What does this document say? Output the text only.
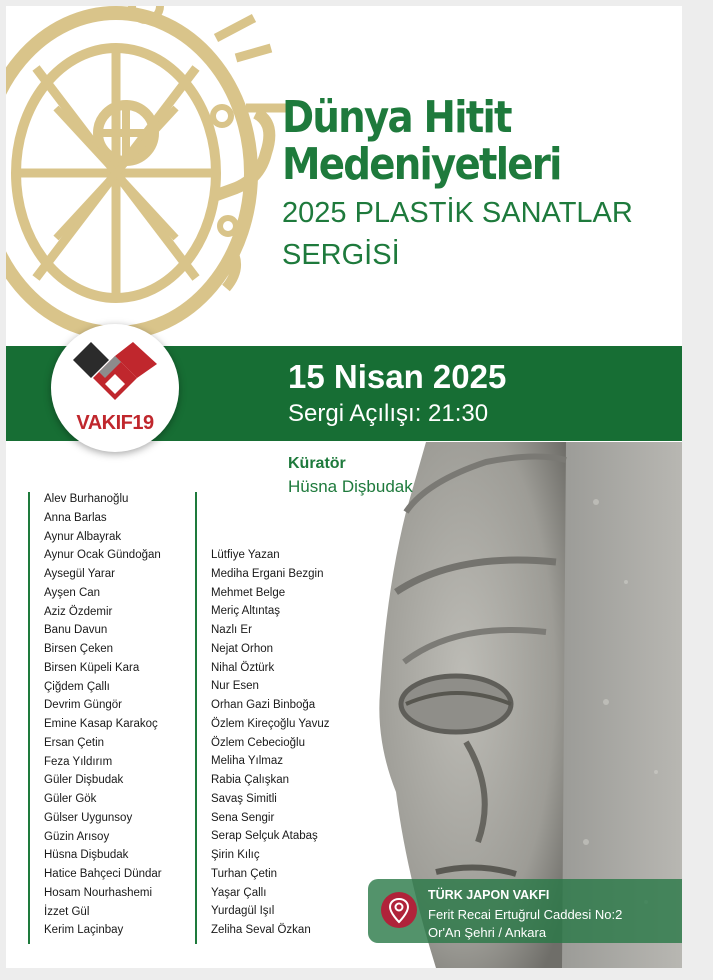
Dünya Hitit
Medeniyetleri
2025 PLASTİK SANATLAR
SERGİSİ
15 Nisan 2025
Sergi Açılışı: 21:30
VAKIF19
Küratör
Hüsna Dişbudak
Alev Burhanoğlu
Anna Barlas
Aynur Albayrak
Aynur Ocak Gündoğan
Aysegül Yarar
Ayşen Can
Aziz Özdemir
Banu Davun
Birsen Çeken
Birsen Küpeli Kara
Çiğdem Çallı
Devrim Güngör
Emine Kasap Karakoç
Ersan Çetin
Feza Yıldırım
Güler Dişbudak
Güler Gök
Gülser Uygunsoy
Güzin Arısoy
Hüsna Dişbudak
Hatice Bahçeci Dündar
Hosam Nourhashemi
İzzet Gül
Kerim Laçinbay
Lütfiye Yazan
Mediha Ergani Bezgin
Mehmet Belge
Meriç Altıntaş
Nazlı Er
Nejat Orhon
Nihal Öztürk
Nur Esen
Orhan Gazi Binboğa
Özlem Kireçoğlu Yavuz
Özlem Cebecioğlu
Meliha Yılmaz
Rabia Çalışkan
Savaş Simitli
Sena Sengir
Serap Selçuk Atabaş
Şirin Kılıç
Turhan Çetin
Yaşar Çallı
Yurdagül Işıl
Zeliha Seval Özkan
TÜRK JAPON VAKFI
Ferit Recai Ertuğrul Caddesi No:2
Or'An Şehri / Ankara
